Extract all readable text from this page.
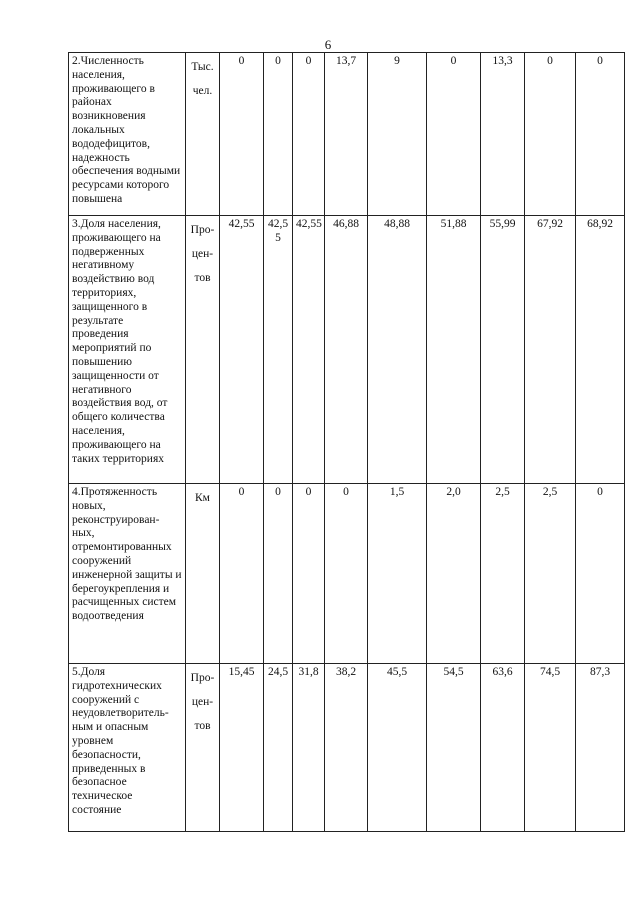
6
2.Численность населения, проживающего в районах возникновения локальных вододефицитов, надежность обеспечения водными ресурсами которого повышена	Тыс. чел.	0	0	0	13,7	9	0	13,3	0	0
3.Доля населения, проживающего на подверженных негативному воздействию вод территориях, защищенного в результате проведения мероприятий по повышению защищенности от негативного воздействия вод, от общего количества населения, проживающего на таких территориях	Про- цен- тов	42,55	42,5 5	42,55	46,88	48,88	51,88	55,99	67,92	68,92
4.Протяженность новых, реконструирован- ных, отремонтированных сооружений инженерной защиты и берегоукрепления и расчищенных систем водоотведения	Км	0	0	0	0	1,5	2,0	2,5	2,5	0
5.Доля гидротехнических сооружений с неудовлетворитель- ным и опасным уровнем безопасности, приведенных в безопасное техническое состояние	Про- цен- тов	15,45	24,5	31,8	38,2	45,5	54,5	63,6	74,5	87,3
